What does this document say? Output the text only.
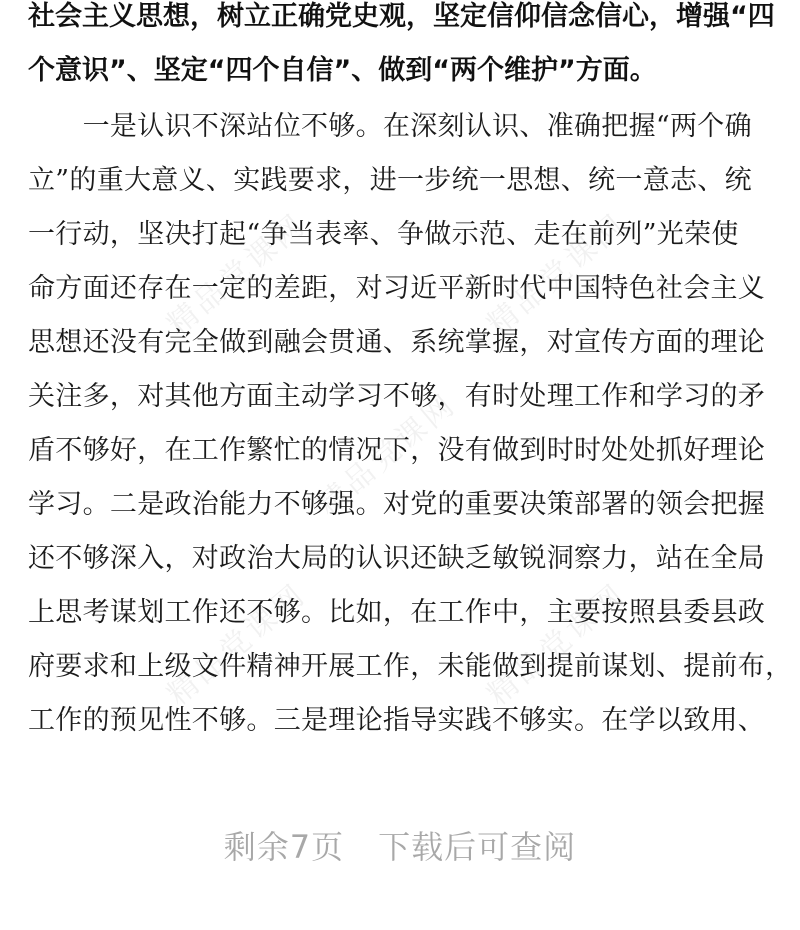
精品党课网	精品党课网
精品党课网
精品党课网	精品党课网
社会主义思想，树立正确党史观，坚定信仰信念信心，增强“四
个意识”、坚定“四个自信”、做到“两个维护”方面。
　　一是认识不深站位不够。在深刻认识、准确把握“两个确
立”的重大意义、实践要求，进一步统一思想、统一意志、统
一行动，坚决打起“争当表率、争做示范、走在前列”光荣使
命方面还存在一定的差距，对习近平新时代中国特色社会主义
思想还没有完全做到融会贯通、系统掌握，对宣传方面的理论
关注多，对其他方面主动学习不够，有时处理工作和学习的矛
盾不够好，在工作繁忙的情况下，没有做到时时处处抓好理论
学习。二是政治能力不够强。对党的重要决策部署的领会把握
还不够深入，对政治大局的认识还缺乏敏锐洞察力，站在全局
上思考谋划工作还不够。比如，在工作中，主要按照县委县政
府要求和上级文件精神开展工作，未能做到提前谋划、提前布，
工作的预见性不够。三是理论指导实践不够实。在学以致用、
剩余7页 下载后可查阅
